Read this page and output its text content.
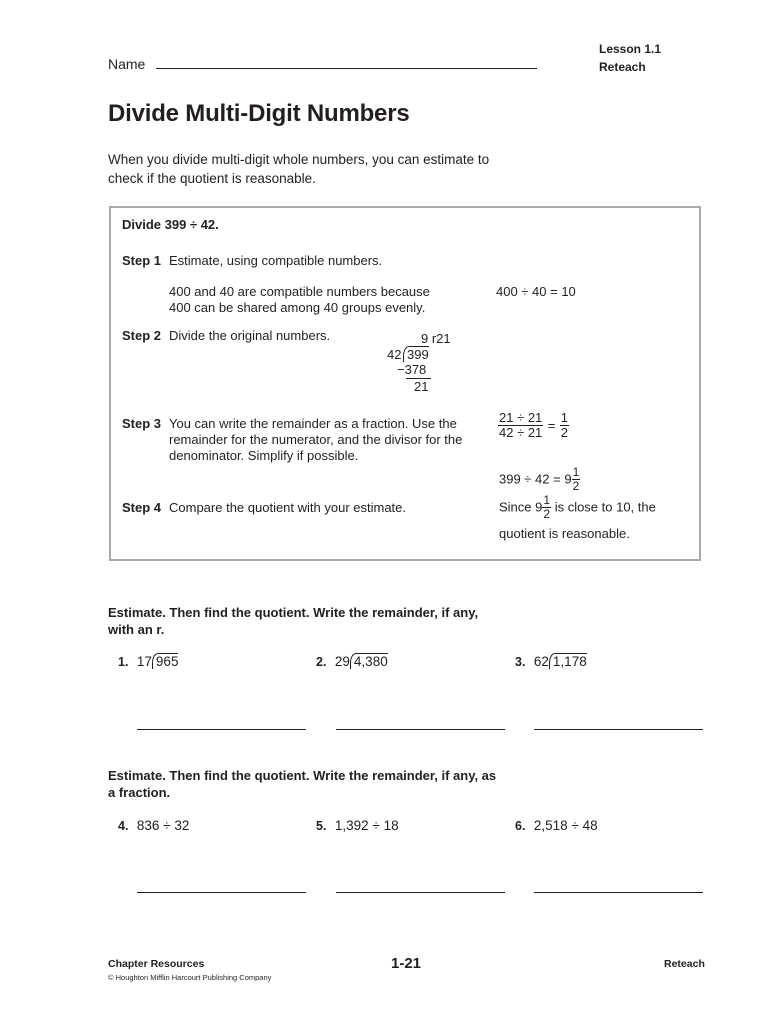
Name
Lesson 1.1
Reteach
Divide Multi-Digit Numbers
When you divide multi-digit whole numbers, you can estimate to check if the quotient is reasonable.
Divide 399 ÷ 42.
Step 1 Estimate, using compatible numbers.
400 and 40 are compatible numbers because 400 can be shared among 40 groups evenly.
400 ÷ 40 = 10
Step 2 Divide the original numbers.	9 r21
42 399
−378
21
Step 3 You can write the remainder as a fraction. Use the remainder for the numerator, and the divisor for the denominator. Simplify if possible.
$\frac{21 \div 21}{42 \div 21} = \frac{1}{2}$
$399 \div 42 = 9 \frac{1}{2}$
Step 4 Compare the quotient with your estimate.	Since $9 \frac{1}{2}$ is close to 10, the
quotient is reasonable.
Estimate. Then find the quotient. Write the remainder, if any, with an r.
1. 17 965	2. 29 4,380	3. 62 1,178
Estimate. Then find the quotient. Write the remainder, if any, as a fraction.
4. 836 ÷ 32	5. 1,392 ÷ 18	6. 2,518 ÷ 48
Chapter Resources
© Houghton Mifflin Harcourt Publishing Company
1-21	Reteach
